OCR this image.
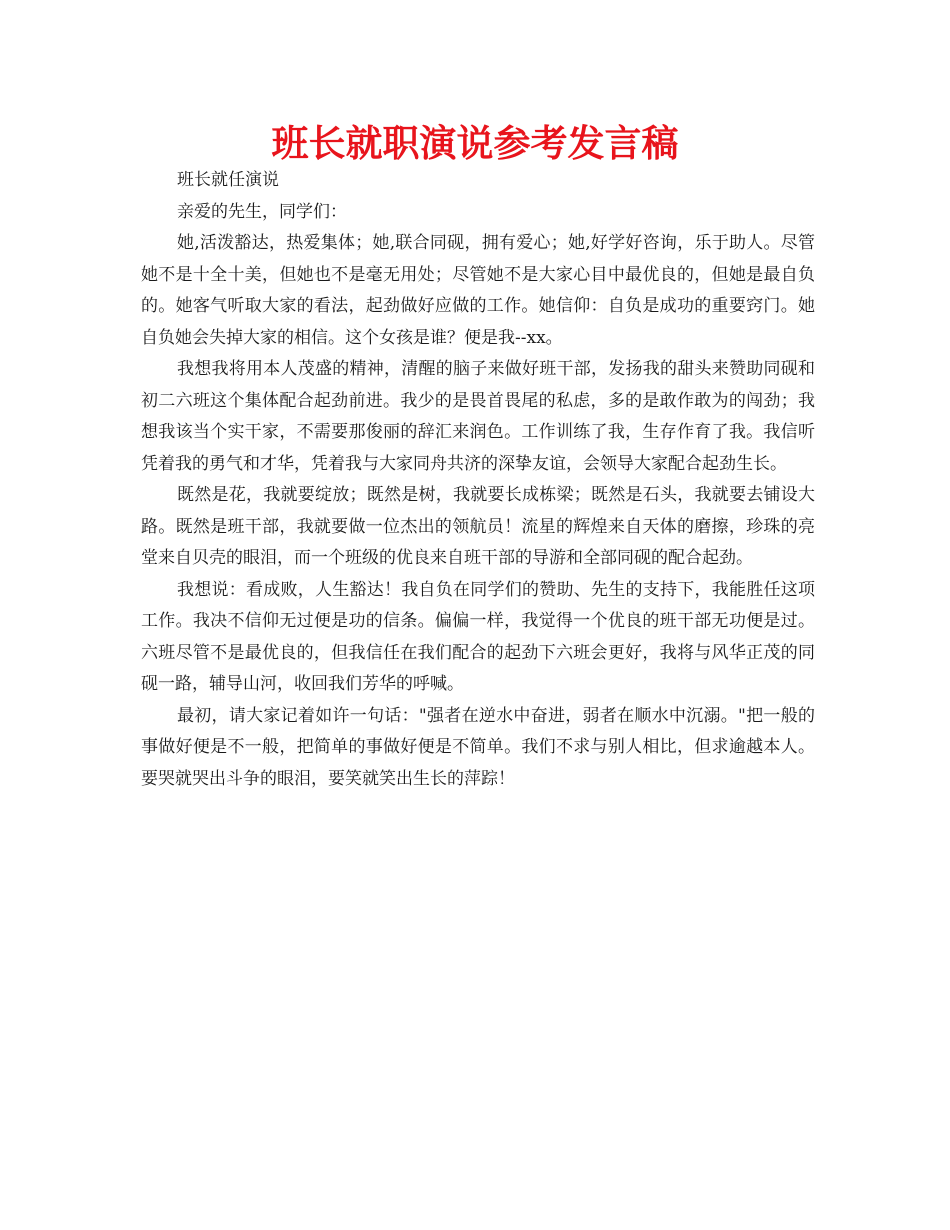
班长就职演说参考发言稿

班长就任演说

亲爱的先生，同学们：

她,活泼豁达，热爱集体；她,联合同砚，拥有爱心；她,好学好咨询，乐于助人。尽管她不是十全十美，但她也不是毫无用处；尽管她不是大家心目中最优良的，但她是最自负的。她客气听取大家的看法，起劲做好应做的工作。她信仰：自负是成功的重要窍门。她自负她会失掉大家的相信。这个女孩是谁？便是我--xx。

我想我将用本人茂盛的精神，清醒的脑子来做好班干部，发扬我的甜头来赞助同砚和初二六班这个集体配合起劲前进。我少的是畏首畏尾的私虑，多的是敢作敢为的闯劲；我想我该当个实干家，不需要那俊丽的辞汇来润色。工作训练了我，生存作育了我。我信听凭着我的勇气和才华，凭着我与大家同舟共济的深挚友谊，会领导大家配合起劲生长。

既然是花，我就要绽放；既然是树，我就要长成栋梁；既然是石头，我就要去铺设大路。既然是班干部，我就要做一位杰出的领航员！流星的辉煌来自天体的磨擦，珍珠的亮堂来自贝壳的眼泪，而一个班级的优良来自班干部的导游和全部同砚的配合起劲。

我想说：看成败，人生豁达！我自负在同学们的赞助、先生的支持下，我能胜任这项工作。我决不信仰无过便是功的信条。偏偏一样，我觉得一个优良的班干部无功便是过。六班尽管不是最优良的，但我信任在我们配合的起劲下六班会更好，我将与风华正茂的同砚一路，辅导山河，收回我们芳华的呼喊。

最初，请大家记着如许一句话："强者在逆水中奋进，弱者在顺水中沉溺。"把一般的事做好便是不一般，把简单的事做好便是不简单。我们不求与别人相比，但求逾越本人。要哭就哭出斗争的眼泪，要笑就笑出生长的萍踪！
